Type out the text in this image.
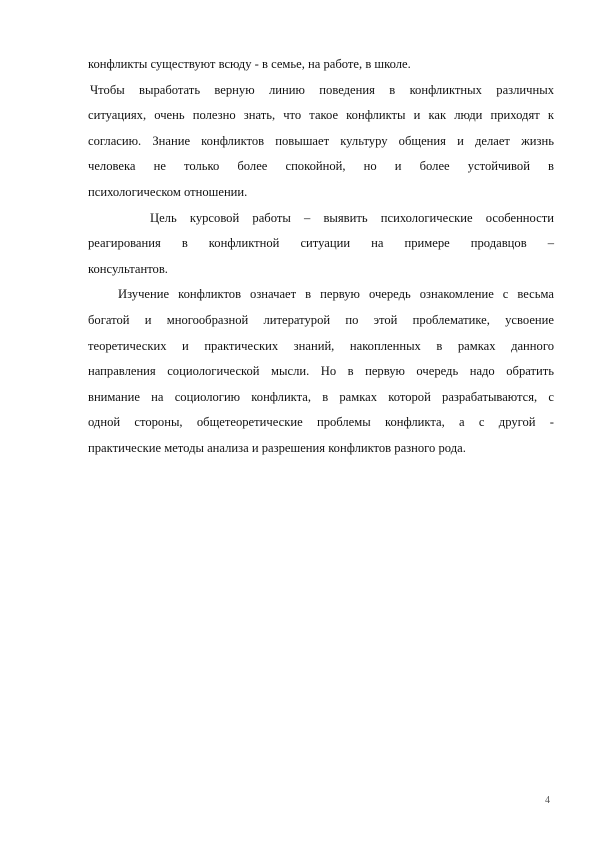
конфликты существуют всюду - в семье, на работе, в школе.
Чтобы выработать верную линию поведения в конфликтных различных
ситуациях, очень полезно знать, что такое конфликты и как люди приходят к
согласию. Знание конфликтов повышает культуру общения и делает жизнь
человека не только более спокойной, но и более устойчивой в
психологическом отношении.
Цель курсовой работы – выявить психологические особенности
реагирования в конфликтной ситуации на примере продавцов –
консультантов.
Изучение конфликтов означает в первую очередь ознакомление с весьма
богатой и многообразной литературой по этой проблематике, усвоение
теоретических и практических знаний, накопленных в рамках данного
направления социологической мысли. Но в первую очередь надо обратить
внимание на социологию конфликта, в рамках которой разрабатываются, с
одной стороны, общетеоретические проблемы конфликта, а с другой -
практические методы анализа и разрешения конфликтов разного рода.
4
